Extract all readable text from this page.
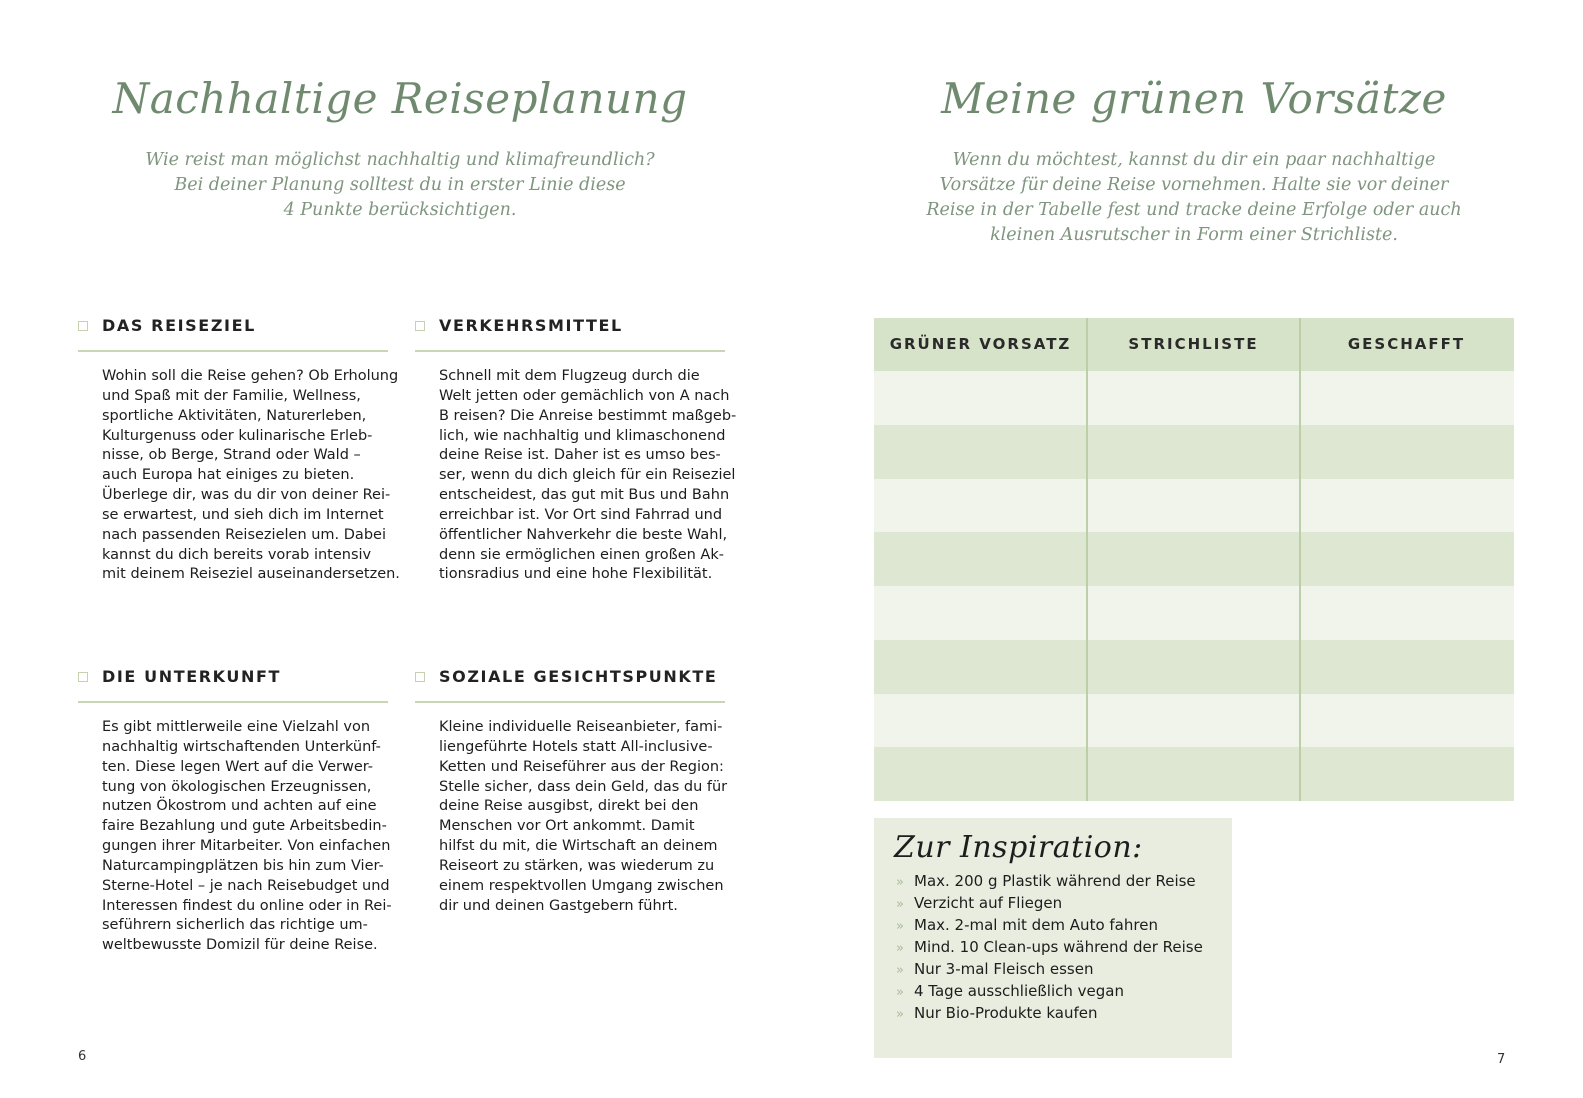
Nachhaltige Reiseplanung

Wie reist man möglichst nachhaltig und klimafreundlich?
Bei deiner Planung solltest du in erster Linie diese
4 Punkte berücksichtigen.

DAS REISEZIEL
Wohin soll die Reise gehen? Ob Erholung
und Spaß mit der Familie, Wellness,
sportliche Aktivitäten, Naturerleben,
Kulturgenuss oder kulinarische Erleb-
nisse, ob Berge, Strand oder Wald –
auch Europa hat einiges zu bieten.
Überlege dir, was du dir von deiner Rei-
se erwartest, und sieh dich im Internet
nach passenden Reisezielen um. Dabei
kannst du dich bereits vorab intensiv
mit deinem Reiseziel auseinandersetzen.
VERKEHRSMITTEL
Schnell mit dem Flugzeug durch die
Welt jetten oder gemächlich von A nach
B reisen? Die Anreise bestimmt maßgeb-
lich, wie nachhaltig und klimaschonend
deine Reise ist. Daher ist es umso bes-
ser, wenn du dich gleich für ein Reiseziel
entscheidest, das gut mit Bus und Bahn
erreichbar ist. Vor Ort sind Fahrrad und
öffentlicher Nahverkehr die beste Wahl,
denn sie ermöglichen einen großen Ak-
tionsradius und eine hohe Flexibilität.
DIE UNTERKUNFT
Es gibt mittlerweile eine Vielzahl von
nachhaltig wirtschaftenden Unterkünf-
ten. Diese legen Wert auf die Verwer-
tung von ökologischen Erzeugnissen,
nutzen Ökostrom und achten auf eine
faire Bezahlung und gute Arbeitsbedin-
gungen ihrer Mitarbeiter. Von einfachen
Naturcampingplätzen bis hin zum Vier-
Sterne-Hotel – je nach Reisebudget und
Interessen findest du online oder in Rei-
seführern sicherlich das richtige um-
weltbewusste Domizil für deine Reise.
SOZIALE GESICHTSPUNKTE
Kleine individuelle Reiseanbieter, fami-
liengeführte Hotels statt All-inclusive-
Ketten und Reiseführer aus der Region:
Stelle sicher, dass dein Geld, das du für
deine Reise ausgibst, direkt bei den
Menschen vor Ort ankommt. Damit
hilfst du mit, die Wirtschaft an deinem
Reiseort zu stärken, was wiederum zu
einem respektvollen Umgang zwischen
dir und deinen Gastgebern führt.
6
Meine grünen Vorsätze

Wenn du möchtest, kannst du dir ein paar nachhaltige
Vorsätze für deine Reise vornehmen. Halte sie vor deiner
Reise in der Tabelle fest und tracke deine Erfolge oder auch
kleinen Ausrutscher in Form einer Strichliste.

GRÜNER VORSATZ	STRICHLISTE	GESCHAFFT
Zur Inspiration:
» Max. 200 g Plastik während der Reise
» Verzicht auf Fliegen
» Max. 2-mal mit dem Auto fahren
» Mind. 10 Clean-ups während der Reise
» Nur 3-mal Fleisch essen
» 4 Tage ausschließlich vegan
» Nur Bio-Produkte kaufen
7
